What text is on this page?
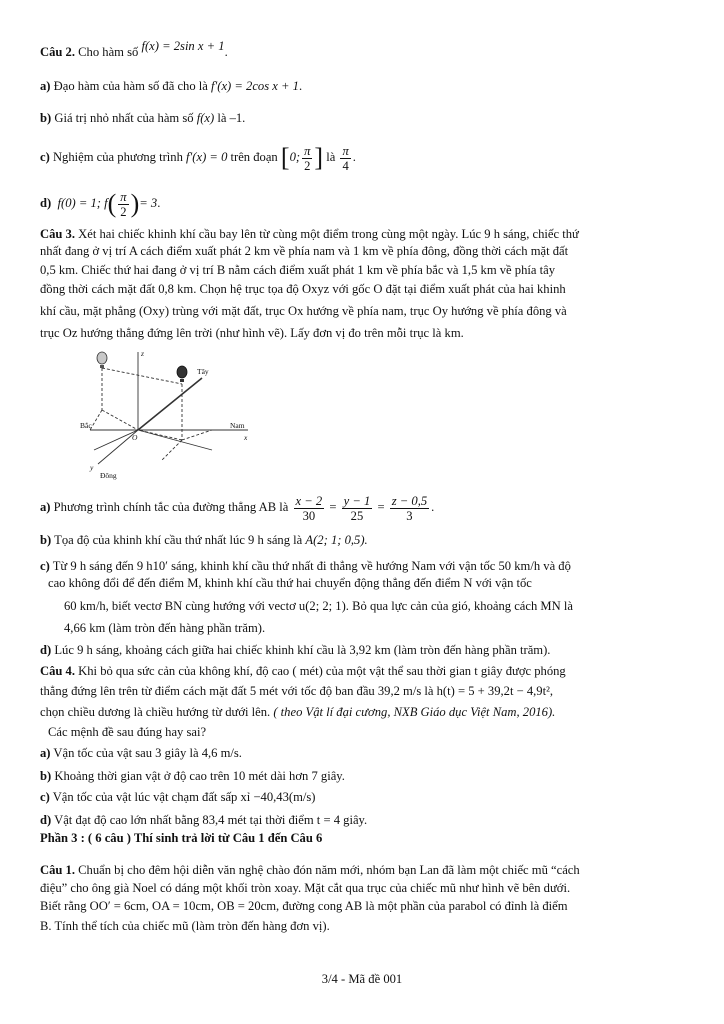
Câu 2. Cho hàm số f(x) = 2sin x + 1.
a) Đạo hàm của hàm số đã cho là f′(x) = 2cos x + 1.
b) Giá trị nhỏ nhất của hàm số f(x) là –1.
c) Nghiệm của phương trình f′(x) = 0 trên đoạn [0; $\frac{\pi}{2}$ ] là $\frac{\pi}{4}$ .
d) f(0) = 1; $f( \frac{\pi}{2}$ )= 3.
Câu 3. Xét hai chiếc khinh khí cầu bay lên từ cùng một điểm trong cùng một ngày. Lúc 9 h sáng, chiếc thứ
nhất đang ở vị trí A cách điểm xuất phát 2 km về phía nam và 1 km về phía đông, đồng thời cách mặt đất
0,5 km. Chiếc thứ hai đang ở vị trí B nằm cách điểm xuất phát 1 km về phía bắc và 1,5 km về phía tây
đồng thời cách mặt đất 0,8 km. Chọn hệ trục tọa độ Oxyz với gốc O đặt tại điểm xuất phát của hai khinh
khí cầu, mặt phẳng (Oxy) trùng với mặt đất, trục Ox hướng về phía nam, trục Oy hướng về phía đông và
trục Oz hướng thẳng đứng lên trời (như hình vẽ). Lấy đơn vị đo trên mỗi trục là km.
Tây
Bắc	Nam
Đông
z
x
y
O
a) Phương trình chính tắc của đường thẳng AB là $\frac{x - 2}{30} = \frac{y - 1}{25} = \frac{z - 0,5}{3}$ .
b) Tọa độ của khinh khí cầu thứ nhất lúc 9 h sáng là A(2; 1; 0,5).
c) Từ 9 h sáng đến 9 h10′ sáng, khinh khí cầu thứ nhất đi thẳng về hướng Nam với vận tốc 50 km/h và độ
cao không đổi để đến điểm M, khinh khí cầu thứ hai chuyển động thẳng đến điểm N với vận tốc
60 km/h, biết vectơ BN cùng hướng với vectơ u(2; 2; 1). Bỏ qua lực cản của gió, khoảng cách MN là
4,66 km (làm tròn đến hàng phần trăm).
d) Lúc 9 h sáng, khoảng cách giữa hai chiếc khinh khí cầu là 3,92 km (làm tròn đến hàng phần trăm).
Câu 4. Khi bỏ qua sức cản của không khí, độ cao ( mét) của một vật thể sau thời gian t giây được phóng
thẳng đứng lên trên từ điểm cách mặt đất 5 mét với tốc độ ban đầu 39,2 m/s là h(t) = 5 + 39,2t − 4,9t²,
chọn chiều dương là chiều hướng từ dưới lên. ( theo Vật lí đại cương, NXB Giáo dục Việt Nam, 2016).
Các mệnh đề sau đúng hay sai?
a) Vận tốc của vật sau 3 giây là 4,6 m/s.
b) Khoảng thời gian vật ở độ cao trên 10 mét dài hơn 7 giây.
c) Vận tốc của vật lúc vật chạm đất sấp xỉ −40,43(m/s)
d) Vật đạt độ cao lớn nhất bằng 83,4 mét tại thời điểm t = 4 giây.
Phần 3 : ( 6 câu ) Thí sinh trả lời từ Câu 1 đến Câu 6
Câu 1. Chuẩn bị cho đêm hội diễn văn nghệ chào đón năm mới, nhóm bạn Lan đã làm một chiếc mũ “cách
điệu” cho ông già Noel có dáng một khối tròn xoay. Mặt cắt qua trục của chiếc mũ như hình vẽ bên dưới.
Biết rằng OO′ = 6cm, OA = 10cm, OB = 20cm, đường cong AB là một phần của parabol có đỉnh là điểm
B. Tính thể tích của chiếc mũ (làm tròn đến hàng đơn vị).
3/4 - Mã đề 001
